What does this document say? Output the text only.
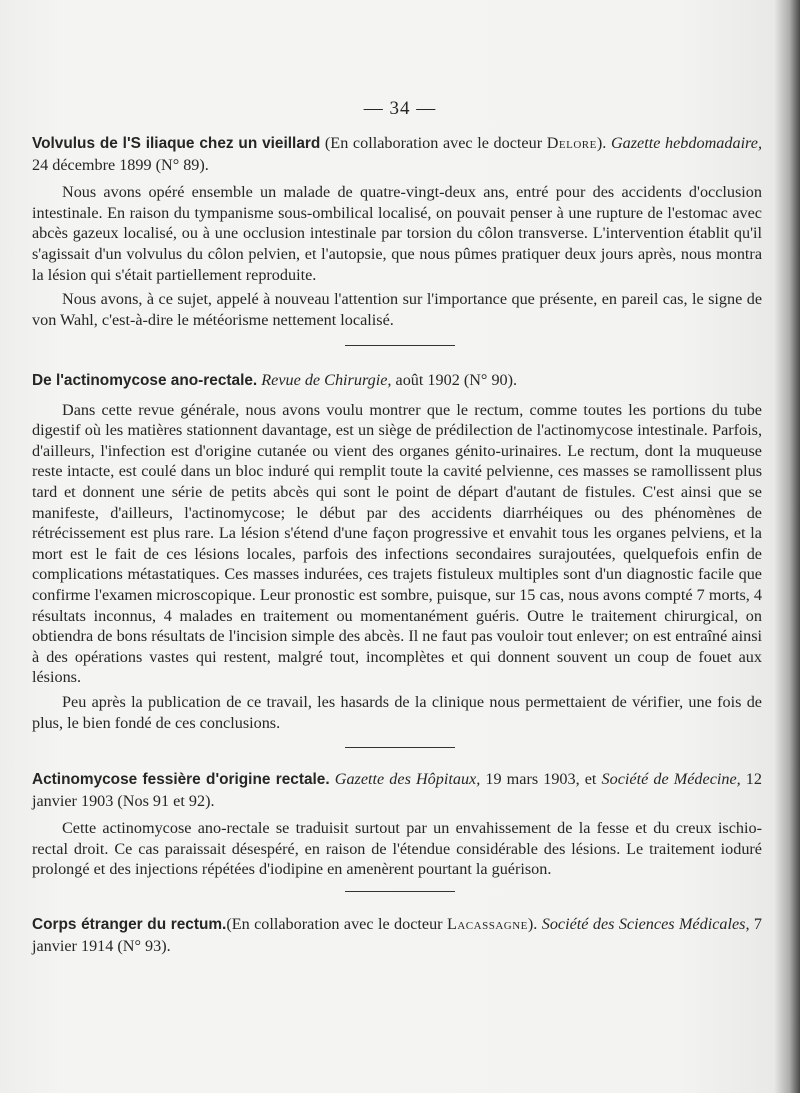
— 34 —

Volvulus de l'S iliaque chez un vieillard (En collaboration avec le docteur Delore). Gazette hebdomadaire, 24 décembre 1899 (N° 89).

Nous avons opéré ensemble un malade de quatre-vingt-deux ans, entré pour des accidents d'occlusion intestinale. En raison du tympanisme sous-ombilical localisé, on pouvait penser à une rupture de l'estomac avec abcès gazeux localisé, ou à une occlusion intestinale par torsion du côlon transverse. L'intervention établit qu'il s'agissait d'un volvulus du côlon pelvien, et l'autopsie, que nous pûmes pratiquer deux jours après, nous montra la lésion qui s'était partiellement reproduite.

Nous avons, à ce sujet, appelé à nouveau l'attention sur l'importance que présente, en pareil cas, le signe de von Wahl, c'est-à-dire le météorisme nettement localisé.

De l'actinomycose ano-rectale. Revue de Chirurgie, août 1902 (N° 90).

Dans cette revue générale, nous avons voulu montrer que le rectum, comme toutes les portions du tube digestif où les matières stationnent davantage, est un siège de prédilection de l'actinomycose intestinale. Parfois, d'ailleurs, l'infection est d'origine cutanée ou vient des organes génito-urinaires. Le rectum, dont la muqueuse reste intacte, est coulé dans un bloc induré qui remplit toute la cavité pelvienne, ces masses se ramollissent plus tard et donnent une série de petits abcès qui sont le point de départ d'autant de fistules. C'est ainsi que se manifeste, d'ailleurs, l'actinomycose; le début par des accidents diarrhéiques ou des phénomènes de rétrécissement est plus rare. La lésion s'étend d'une façon progressive et envahit tous les organes pelviens, et la mort est le fait de ces lésions locales, parfois des infections secondaires surajoutées, quelquefois enfin de complications métastatiques. Ces masses indurées, ces trajets fistuleux multiples sont d'un diagnostic facile que confirme l'examen microscopique. Leur pronostic est sombre, puisque, sur 15 cas, nous avons compté 7 morts, 4 résultats inconnus, 4 malades en traitement ou momentanément guéris. Outre le traitement chirurgical, on obtiendra de bons résultats de l'incision simple des abcès. Il ne faut pas vouloir tout enlever; on est entraîné ainsi à des opérations vastes qui restent, malgré tout, incomplètes et qui donnent souvent un coup de fouet aux lésions.

Peu après la publication de ce travail, les hasards de la clinique nous permettaient de vérifier, une fois de plus, le bien fondé de ces conclusions.

Actinomycose fessière d'origine rectale. Gazette des Hôpitaux, 19 mars 1903, et Société de Médecine, 12 janvier 1903 (Nos 91 et 92).

Cette actinomycose ano-rectale se traduisit surtout par un envahissement de la fesse et du creux ischio-rectal droit. Ce cas paraissait désespéré, en raison de l'étendue considérable des lésions. Le traitement ioduré prolongé et des injections répétées d'iodipine en amenèrent pourtant la guérison.

Corps étranger du rectum.(En collaboration avec le docteur Lacassagne). Société des Sciences Médicales, 7 janvier 1914 (N° 93).
